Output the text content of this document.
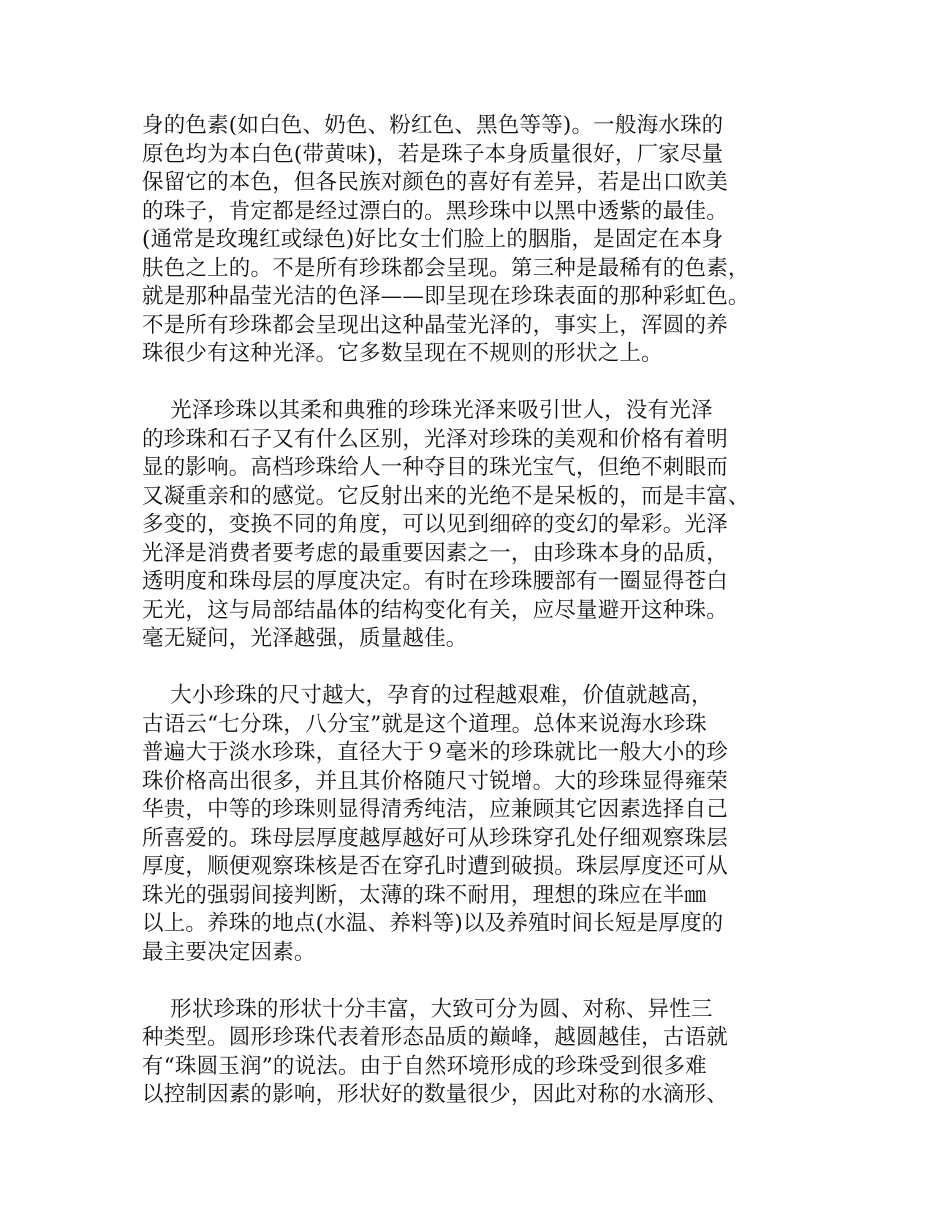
身的色素(如白色、奶色、粉红色、黑色等等)。一般海水珠的
原色均为本白色(带黄味)，若是珠子本身质量很好，厂家尽量
保留它的本色，但各民族对颜色的喜好有差异，若是出口欧美
的珠子，肯定都是经过漂白的。黑珍珠中以黑中透紫的最佳。
(通常是玫瑰红或绿色)好比女士们脸上的胭脂，是固定在本身
肤色之上的。不是所有珍珠都会呈现。第三种是最稀有的色素，
就是那种晶莹光洁的色泽——即呈现在珍珠表面的那种彩虹色。
不是所有珍珠都会呈现出这种晶莹光泽的，事实上，浑圆的养
珠很少有这种光泽。它多数呈现在不规则的形状之上。
光泽珍珠以其柔和典雅的珍珠光泽来吸引世人，没有光泽
的珍珠和石子又有什么区别，光泽对珍珠的美观和价格有着明
显的影响。高档珍珠给人一种夺目的珠光宝气，但绝不刺眼而
又凝重亲和的感觉。它反射出来的光绝不是呆板的，而是丰富、
多变的，变换不同的角度，可以见到细碎的变幻的晕彩。光泽
光泽是消费者要考虑的最重要因素之一，由珍珠本身的品质，
透明度和珠母层的厚度决定。有时在珍珠腰部有一圈显得苍白
无光，这与局部结晶体的结构变化有关，应尽量避开这种珠。
毫无疑问，光泽越强，质量越佳。
大小珍珠的尺寸越大，孕育的过程越艰难，价值就越高，
古语云“七分珠，八分宝”就是这个道理。总体来说海水珍珠
普遍大于淡水珍珠，直径大于９毫米的珍珠就比一般大小的珍
珠价格高出很多，并且其价格随尺寸锐增。大的珍珠显得雍荣
华贵，中等的珍珠则显得清秀纯洁，应兼顾其它因素选择自己
所喜爱的。珠母层厚度越厚越好可从珍珠穿孔处仔细观察珠层
厚度，顺便观察珠核是否在穿孔时遭到破损。珠层厚度还可从
珠光的强弱间接判断，太薄的珠不耐用，理想的珠应在半㎜
以上。养珠的地点(水温、养料等)以及养殖时间长短是厚度的
最主要决定因素。
形状珍珠的形状十分丰富，大致可分为圆、对称、异性三
种类型。圆形珍珠代表着形态品质的巅峰，越圆越佳，古语就
有“珠圆玉润”的说法。由于自然环境形成的珍珠受到很多难
以控制因素的影响，形状好的数量很少，因此对称的水滴形、
